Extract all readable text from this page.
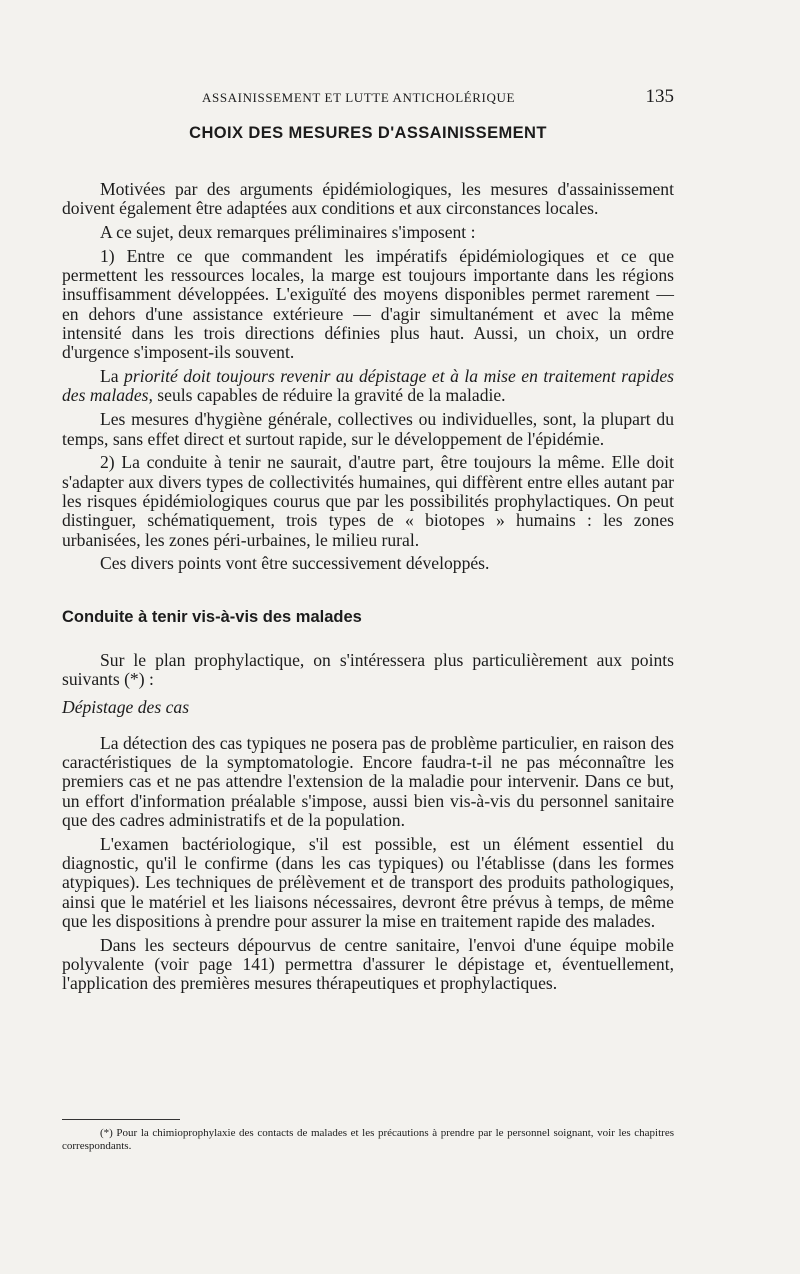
ASSAINISSEMENT ET LUTTE ANTICHOLÉRIQUE	135
CHOIX DES MESURES D'ASSAINISSEMENT

Motivées par des arguments épidémiologiques, les mesures d'assainissement doivent également être adaptées aux conditions et aux circonstances locales.

A ce sujet, deux remarques préliminaires s'imposent :

1) Entre ce que commandent les impératifs épidémiologiques et ce que permettent les ressources locales, la marge est toujours importante dans les régions insuffisamment développées. L'exiguïté des moyens disponibles permet rarement — en dehors d'une assistance extérieure — d'agir simultanément et avec la même intensité dans les trois directions définies plus haut. Aussi, un choix, un ordre d'urgence s'imposent-ils souvent.

La priorité doit toujours revenir au dépistage et à la mise en traitement rapides des malades, seuls capables de réduire la gravité de la maladie.

Les mesures d'hygiène générale, collectives ou individuelles, sont, la plupart du temps, sans effet direct et surtout rapide, sur le développement de l'épidémie.

2) La conduite à tenir ne saurait, d'autre part, être toujours la même. Elle doit s'adapter aux divers types de collectivités humaines, qui diffèrent entre elles autant par les risques épidémiologiques courus que par les possibilités prophylactiques. On peut distinguer, schématiquement, trois types de « biotopes » humains : les zones urbanisées, les zones péri-urbaines, le milieu rural.

Ces divers points vont être successivement développés.

Conduite à tenir vis-à-vis des malades

Sur le plan prophylactique, on s'intéressera plus particulièrement aux points suivants (*) :

Dépistage des cas

La détection des cas typiques ne posera pas de problème particulier, en raison des caractéristiques de la symptomatologie. Encore faudra-t-il ne pas méconnaître les premiers cas et ne pas attendre l'extension de la maladie pour intervenir. Dans ce but, un effort d'information préalable s'impose, aussi bien vis-à-vis du personnel sanitaire que des cadres administratifs et de la population.

L'examen bactériologique, s'il est possible, est un élément essentiel du diagnostic, qu'il le confirme (dans les cas typiques) ou l'établisse (dans les formes atypiques). Les techniques de prélèvement et de transport des produits pathologiques, ainsi que le matériel et les liaisons nécessaires, devront être prévus à temps, de même que les dispositions à prendre pour assurer la mise en traitement rapide des malades.

Dans les secteurs dépourvus de centre sanitaire, l'envoi d'une équipe mobile polyvalente (voir page 141) permettra d'assurer le dépistage et, éventuellement, l'application des premières mesures thérapeutiques et prophylactiques.

(*) Pour la chimioprophylaxie des contacts de malades et les précautions à prendre par le personnel soignant, voir les chapitres correspondants.
